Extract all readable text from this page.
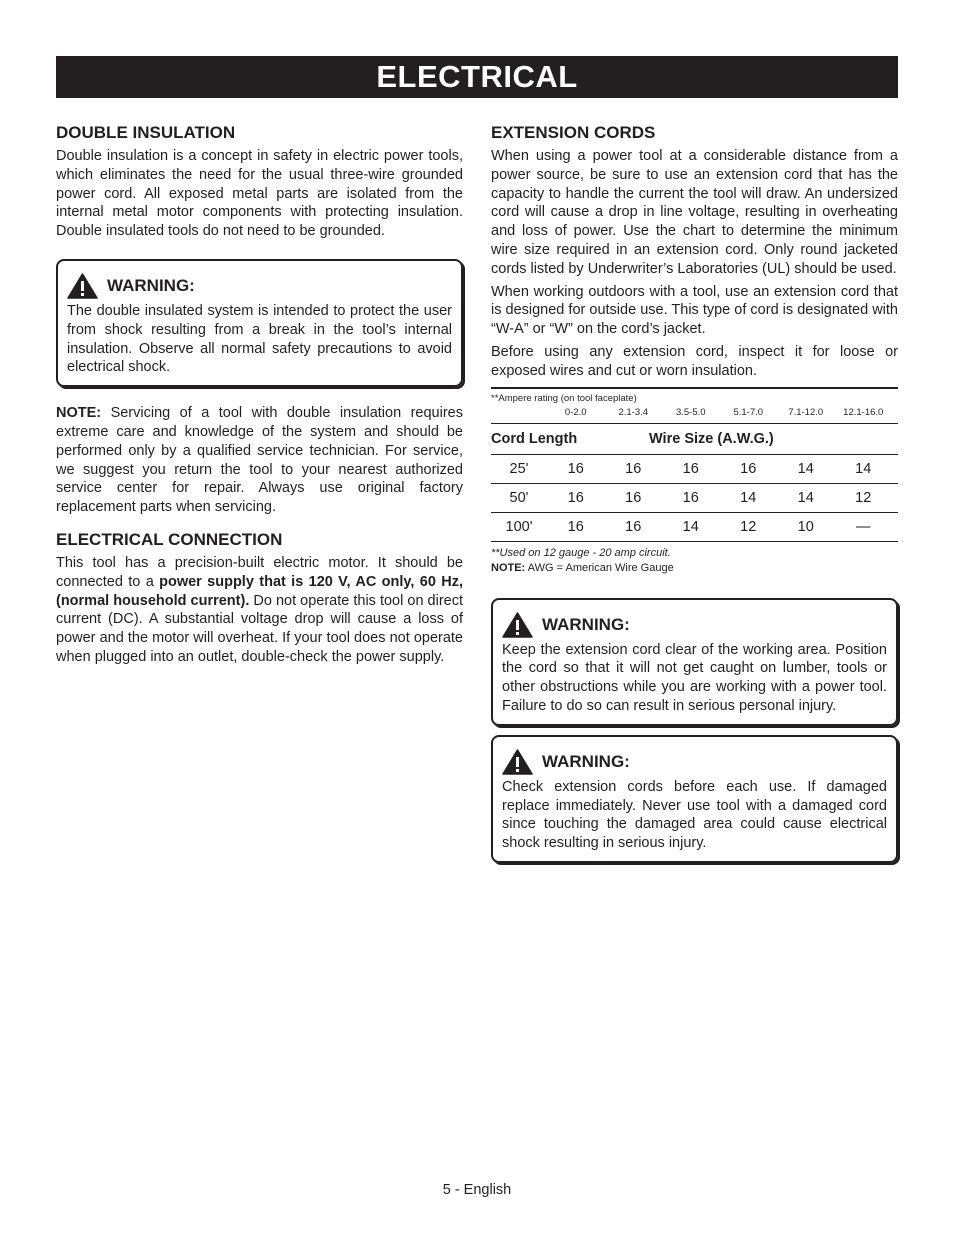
ELECTRICAL
DOUBLE INSULATION

Double insulation is a concept in safety in electric power tools, which eliminates the need for the usual three-wire grounded power cord. All exposed metal parts are isolated from the internal metal motor components with protecting insulation. Double insulated tools do not need to be grounded.

WARNING:

The double insulated system is intended to protect the user from shock resulting from a break in the tool’s internal insulation. Observe all normal safety precautions to avoid electrical shock.

NOTE: Servicing of a tool with double insulation requires extreme care and knowledge of the system and should be performed only by a qualified service technician. For service, we suggest you return the tool to your nearest authorized service center for repair. Always use original factory replacement parts when servicing.

ELECTRICAL CONNECTION

This tool has a precision-built electric motor. It should be connected to a power supply that is 120 V, AC only, 60 Hz, (normal household current). Do not operate this tool on direct current (DC). A substantial voltage drop will cause a loss of power and the motor will overheat. If your tool does not operate when plugged into an outlet, double-check the power supply.

EXTENSION CORDS

When using a power tool at a considerable distance from a power source, be sure to use an extension cord that has the capacity to handle the current the tool will draw. An undersized cord will cause a drop in line voltage, resulting in overheating and loss of power. Use the chart to determine the minimum wire size required in an extension cord. Only round jacketed cords listed by Underwriter’s Laboratories (UL) should be used.

When working outdoors with a tool, use an extension cord that is designed for outside use. This type of cord is designated with “W-A” or “W” on the cord’s jacket.

Before using any extension cord, inspect it for loose or exposed wires and cut or worn insulation.

**Ampere rating (on tool faceplate)
0-2.0	2.1-3.4	3.5-5.0	5.1-7.0	7.1-12.0	12.1-16.0
Cord Length	Wire Size (A.W.G.)
25'	16	16	16	16	14	14
50'	16	16	16	14	14	12
100'	16	16	14	12	10	—
**Used on 12 gauge - 20 amp circuit.
NOTE: AWG = American Wire Gauge
WARNING:

Keep the extension cord clear of the working area. Position the cord so that it will not get caught on lumber, tools or other obstructions while you are working with a power tool. Failure to do so can result in serious personal injury.

WARNING:

Check extension cords before each use. If damaged replace immediately. Never use tool with a damaged cord since touching the damaged area could cause electrical shock resulting in serious injury.

5 - English
